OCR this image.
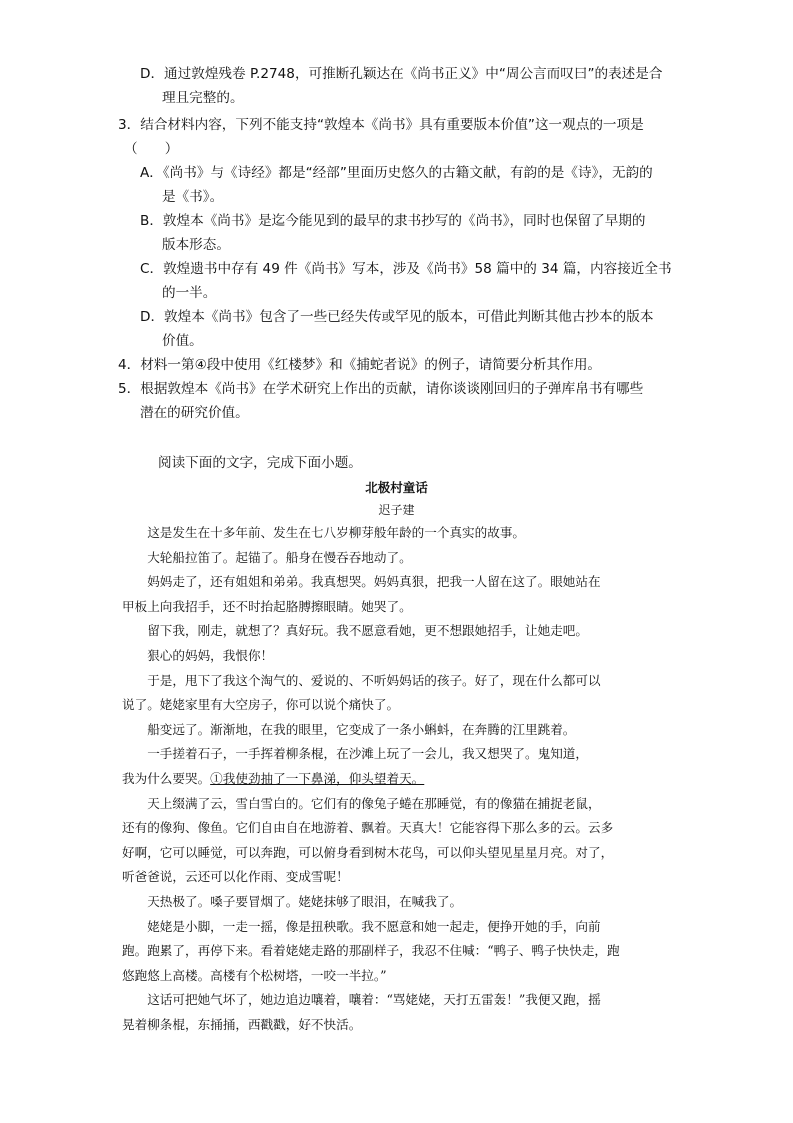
D．通过敦煌残卷 P.2748，可推断孔颖达在《尚书正义》中“周公言而叹曰”的表述是合
理且完整的。
3．结合材料内容，下列不能支持“敦煌本《尚书》具有重要版本价值”这一观点的一项是
（　　）
A．《尚书》与《诗经》都是“经部”里面历史悠久的古籍文献，有韵的是《诗》，无韵的
是《书》。
B．敦煌本《尚书》是迄今能见到的最早的隶书抄写的《尚书》，同时也保留了早期的
版本形态。
C．敦煌遗书中存有 49 件《尚书》写本，涉及《尚书》58 篇中的 34 篇，内容接近全书
的一半。
D．敦煌本《尚书》包含了一些已经失传或罕见的版本，可借此判断其他古抄本的版本
价值。
4．材料一第④段中使用《红楼梦》和《捕蛇者说》的例子，请简要分析其作用。
5．根据敦煌本《尚书》在学术研究上作出的贡献，请你谈谈刚回归的子弹库帛书有哪些
潜在的研究价值。
阅读下面的文字，完成下面小题。
北极村童话
迟子建
这是发生在十多年前、发生在七八岁柳芽般年龄的一个真实的故事。
大轮船拉笛了。起锚了。船身在慢吞吞地动了。
妈妈走了，还有姐姐和弟弟。我真想哭。妈妈真狠，把我一人留在这了。眼她站在
甲板上向我招手，还不时抬起胳膊擦眼睛。她哭了。
留下我，刚走，就想了？真好玩。我不愿意看她，更不想跟她招手，让她走吧。
狠心的妈妈，我恨你！
于是，甩下了我这个淘气的、爱说的、不听妈妈话的孩子。好了，现在什么都可以
说了。姥姥家里有大空房子，你可以说个痛快了。
船变远了。渐渐地，在我的眼里，它变成了一条小蝌蚪，在奔腾的江里跳着。
一手搓着石子，一手挥着柳条棍，在沙滩上玩了一会儿，我又想哭了。鬼知道，
我为什么要哭。①我使劲抽了一下鼻涕，仰头望着天。
天上缀满了云，雪白雪白的。它们有的像兔子蜷在那睡觉，有的像猫在捕捉老鼠，
还有的像狗、像鱼。它们自由自在地游着、飘着。天真大！它能容得下那么多的云。云多
好啊，它可以睡觉，可以奔跑，可以俯身看到树木花鸟，可以仰头望见星星月亮。对了，
听爸爸说，云还可以化作雨、变成雪呢！
天热极了。嗓子要冒烟了。姥姥抹够了眼泪，在喊我了。
姥姥是小脚，一走一摇，像是扭秧歌。我不愿意和她一起走，便挣开她的手，向前
跑。跑累了，再停下来。看着姥姥走路的那副样子，我忍不住喊：“鸭子、鸭子快快走，跑
悠跑悠上高楼。高楼有个松树塔，一咬一半拉。”
这话可把她气坏了，她边追边嚷着，嚷着：“骂姥姥，天打五雷轰！”我便又跑，摇
晃着柳条棍，东捅捅，西戳戳，好不快活。
